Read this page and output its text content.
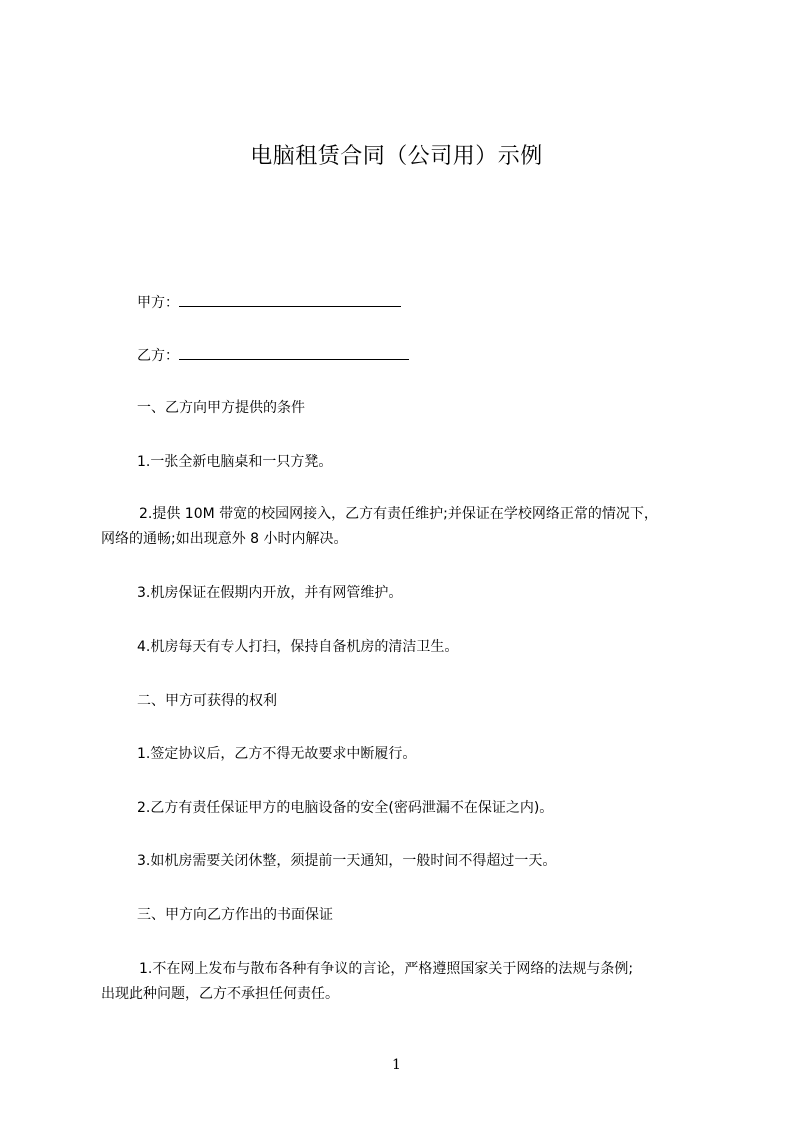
电脑租赁合同（公司用）示例
甲方：
乙方：
一、乙方向甲方提供的条件
1.一张全新电脑桌和一只方凳。
2.提供 10M 带宽的校园网接入，乙方有责任维护;并保证在学校网络正常的情况下，
网络的通畅;如出现意外 8 小时内解决。
3.机房保证在假期内开放，并有网管维护。
4.机房每天有专人打扫，保持自备机房的清洁卫生。
二、甲方可获得的权利
1.签定协议后，乙方不得无故要求中断履行。
2.乙方有责任保证甲方的电脑设备的安全(密码泄漏不在保证之内)。
3.如机房需要关闭休整，须提前一天通知，一般时间不得超过一天。
三、甲方向乙方作出的书面保证
1.不在网上发布与散布各种有争议的言论，严格遵照国家关于网络的法规与条例;
出现此种问题，乙方不承担任何责任。
1
